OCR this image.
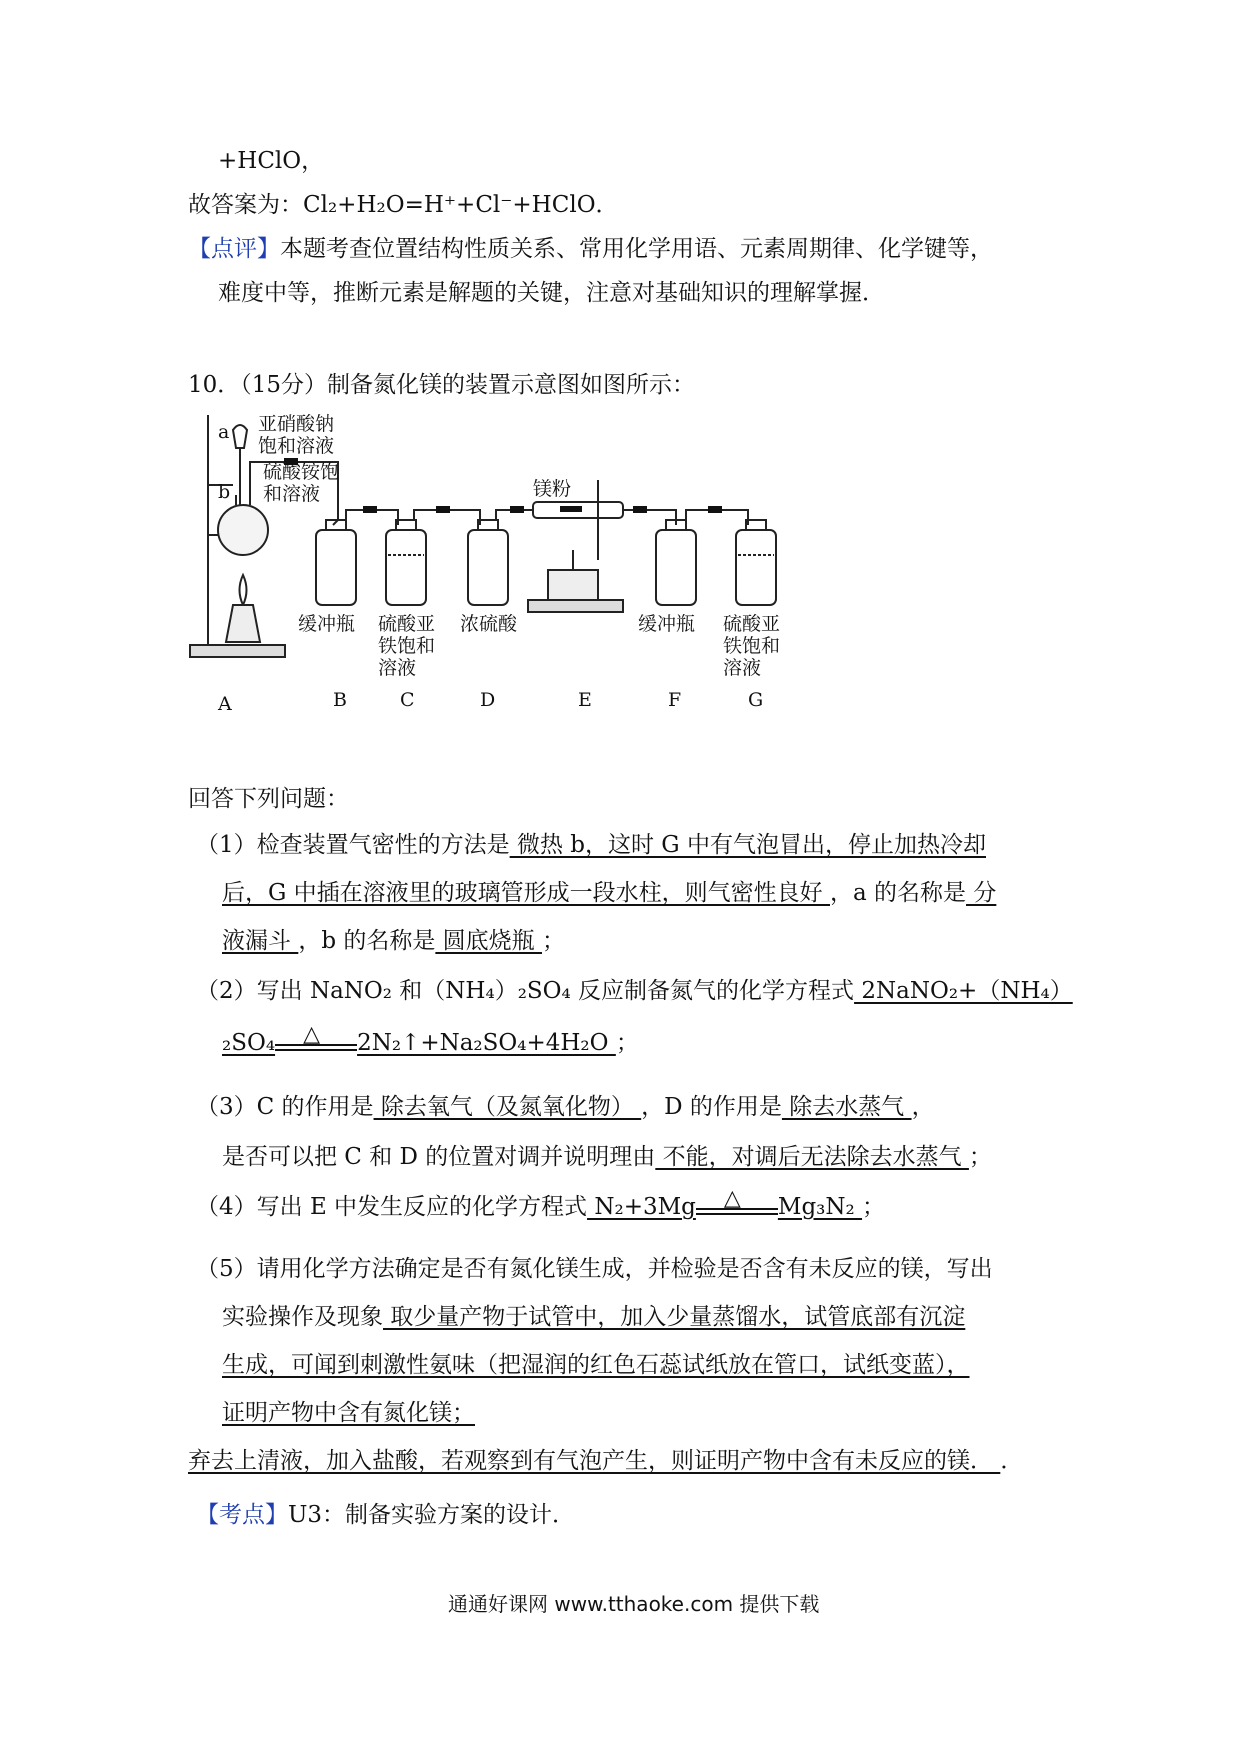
+HClO，
故答案为：Cl₂+H₂O=H⁺+Cl⁻+HClO．
【点评】本题考查位置结构性质关系、常用化学用语、元素周期律、化学键等，
难度中等，推断元素是解题的关键，注意对基础知识的理解掌握．
10．（15分）制备氮化镁的装置示意图如图所示：
a
b
亚硝酸钠
饱和溶液
硫酸铵饱
和溶液	镁粉
缓冲瓶 硫酸亚
铁饱和
溶液
浓硫酸	缓冲瓶 硫酸亚
铁饱和
溶液
A	B	C	D	E	F	G
回答下列问题：
（1）检查装置气密性的方法是 微热 b，这时 G 中有气泡冒出，停止加热冷却
后，G 中插在溶液里的玻璃管形成一段水柱，则气密性良好 ，a 的名称是 分
液漏斗 ，b 的名称是 圆底烧瓶 ；
（2）写出 NaNO₂ 和（NH₄）₂SO₄ 反应制备氮气的化学方程式 2NaNO₂+（NH₄）
₂SO₄ △ 2N₂↑+Na₂SO₄+4H₂O ；
（3）C 的作用是 除去氧气（及氮氧化物） ，D 的作用是 除去水蒸气 ，
是否可以把 C 和 D 的位置对调并说明理由 不能，对调后无法除去水蒸气 ；
（4）写出 E 中发生反应的化学方程式 N₂+3Mg △ Mg₃N₂ ；
（5）请用化学方法确定是否有氮化镁生成，并检验是否含有未反应的镁，写出
实验操作及现象 取少量产物于试管中，加入少量蒸馏水，试管底部有沉淀
生成，可闻到刺激性氨味（把湿润的红色石蕊试纸放在管口，试纸变蓝），
证明产物中含有氮化镁；
弃去上清液，加入盐酸，若观察到有气泡产生，则证明产物中含有未反应的镁． ．
【考点】U3：制备实验方案的设计．
通通好课网 www.tthaoke.com 提供下载
